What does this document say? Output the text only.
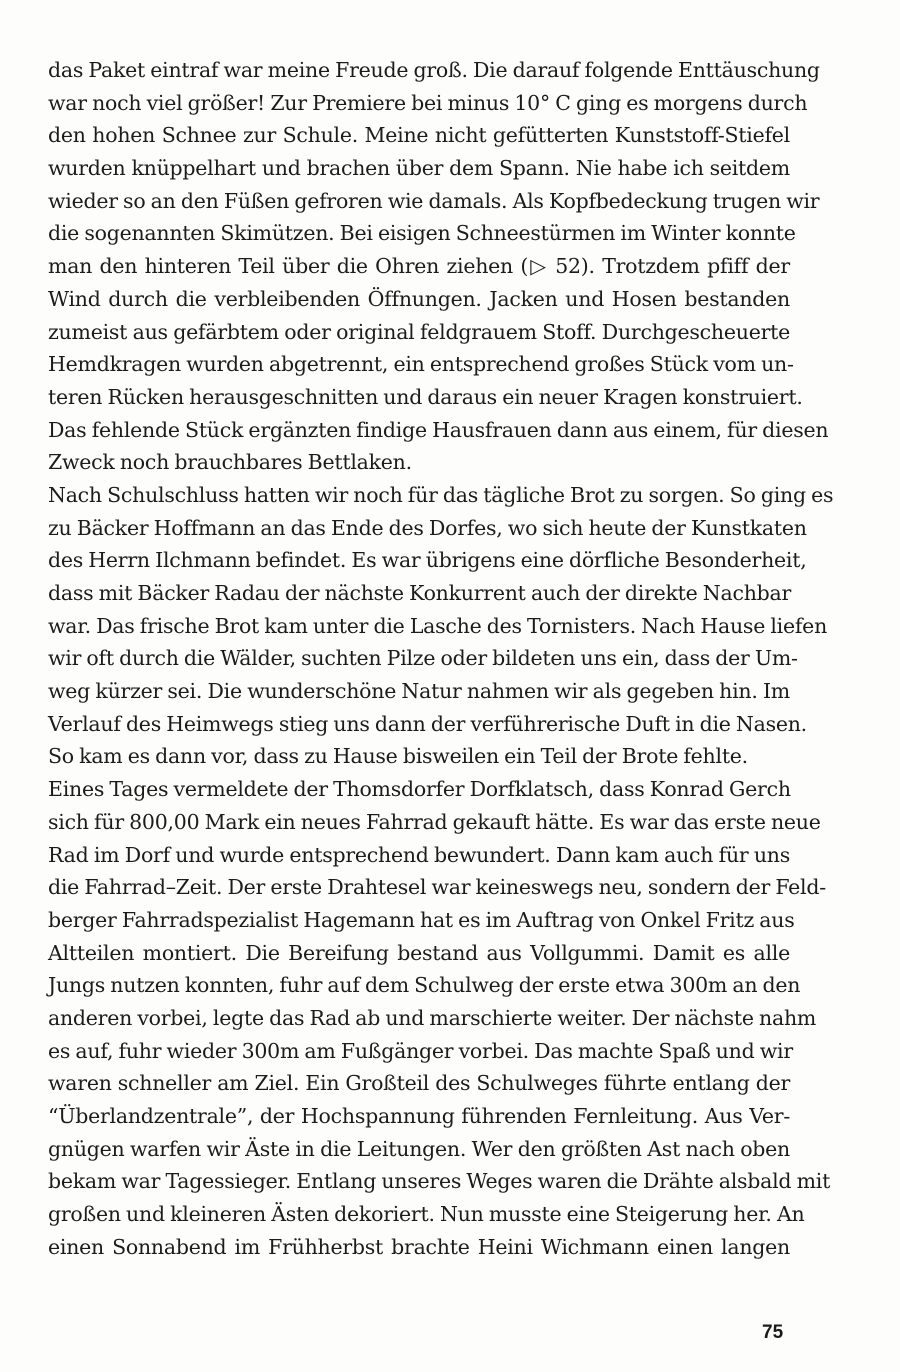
das Paket eintraf war meine Freude groß. Die darauf folgende Enttäuschung
war noch viel größer! Zur Premiere bei minus 10° C ging es morgens durch
den hohen Schnee zur Schule. Meine nicht gefütterten Kunststoff-Stiefel
wurden knüppelhart und brachen über dem Spann. Nie habe ich seitdem
wieder so an den Füßen gefroren wie damals. Als Kopfbedeckung trugen wir
die sogenannten Skimützen. Bei eisigen Schneestürmen im Winter konnte
man den hinteren Teil über die Ohren ziehen (▷ 52). Trotzdem pfiff der
Wind durch die verbleibenden Öffnungen. Jacken und Hosen bestanden
zumeist aus gefärbtem oder original feldgrauem Stoff. Durchgescheuerte
Hemdkragen wurden abgetrennt, ein entsprechend großes Stück vom un-
teren Rücken herausgeschnitten und daraus ein neuer Kragen konstruiert.
Das fehlende Stück ergänzten findige Hausfrauen dann aus einem, für diesen
Zweck noch brauchbares Bettlaken.
Nach Schulschluss hatten wir noch für das tägliche Brot zu sorgen. So ging es
zu Bäcker Hoffmann an das Ende des Dorfes, wo sich heute der Kunstkaten
des Herrn Ilchmann befindet. Es war übrigens eine dörfliche Besonderheit,
dass mit Bäcker Radau der nächste Konkurrent auch der direkte Nachbar
war. Das frische Brot kam unter die Lasche des Tornisters. Nach Hause liefen
wir oft durch die Wälder, suchten Pilze oder bildeten uns ein, dass der Um-
weg kürzer sei. Die wunderschöne Natur nahmen wir als gegeben hin. Im
Verlauf des Heimwegs stieg uns dann der verführerische Duft in die Nasen.
So kam es dann vor, dass zu Hause bisweilen ein Teil der Brote fehlte.
Eines Tages vermeldete der Thomsdorfer Dorfklatsch, dass Konrad Gerch
sich für 800,00 Mark ein neues Fahrrad gekauft hätte. Es war das erste neue
Rad im Dorf und wurde entsprechend bewundert. Dann kam auch für uns
die Fahrrad–Zeit. Der erste Drahtesel war keineswegs neu, sondern der Feld-
berger Fahrradspezialist Hagemann hat es im Auftrag von Onkel Fritz aus
Altteilen montiert. Die Bereifung bestand aus Vollgummi. Damit es alle
Jungs nutzen konnten, fuhr auf dem Schulweg der erste etwa 300m an den
anderen vorbei, legte das Rad ab und marschierte weiter. Der nächste nahm
es auf, fuhr wieder 300m am Fußgänger vorbei. Das machte Spaß und wir
waren schneller am Ziel. Ein Großteil des Schulweges führte entlang der
“Überlandzentrale”, der Hochspannung führenden Fernleitung. Aus Ver-
gnügen warfen wir Äste in die Leitungen. Wer den größten Ast nach oben
bekam war Tagessieger. Entlang unseres Weges waren die Drähte alsbald mit
großen und kleineren Ästen dekoriert. Nun musste eine Steigerung her. An
einen Sonnabend im Frühherbst brachte Heini Wichmann einen langen
75
